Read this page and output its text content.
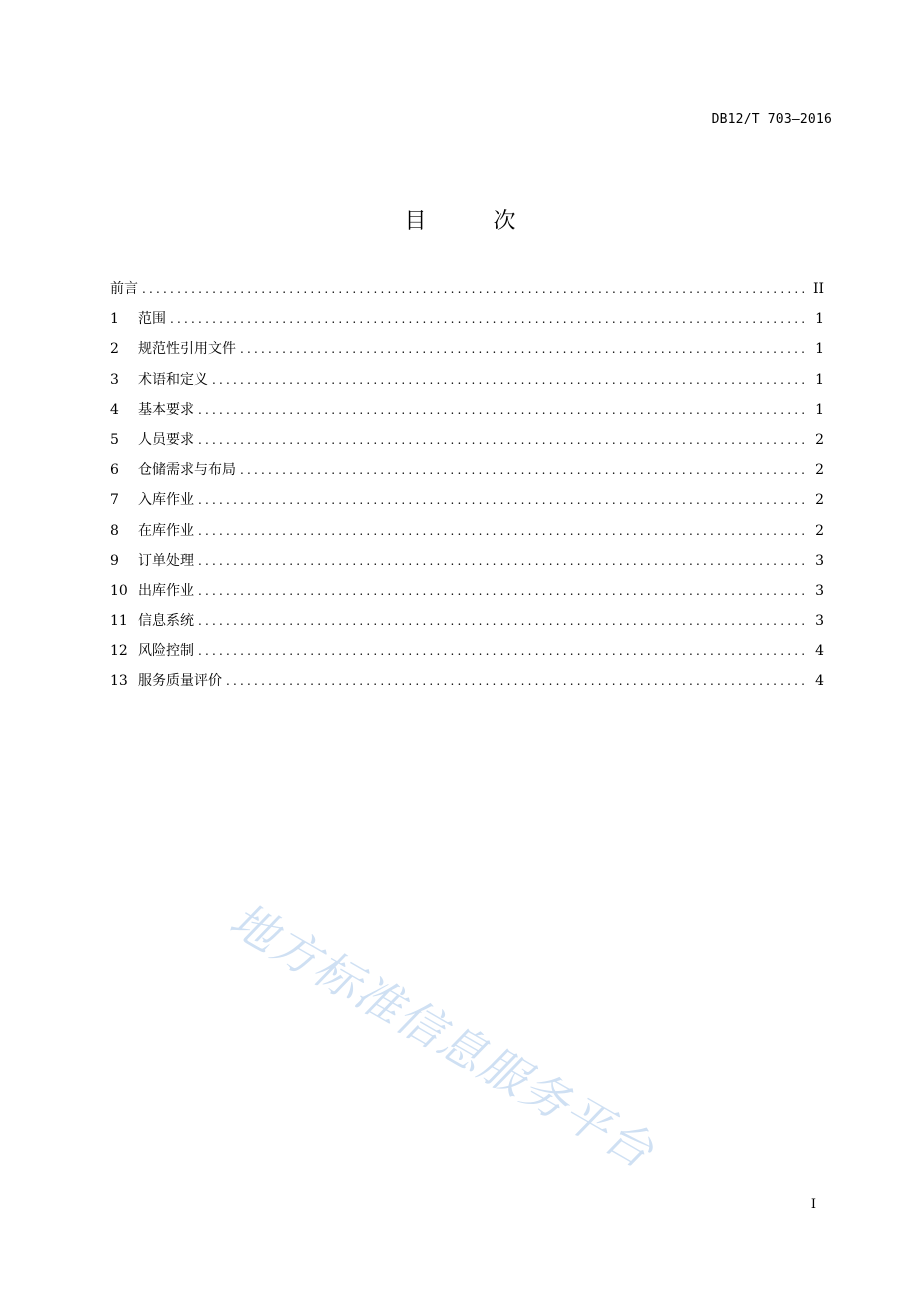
DB12/T 703—2016
目 次
前言 .....	II
1	范围 .....	1
2	规范性引用文件 .....	1
3	术语和定义 .....	1
4	基本要求 .....	1
5	人员要求 .....	2
6	仓储需求与布局 .....	2
7	入库作业 .....	2
8	在库作业 .....	2
9	订单处理 .....	3
10 出库作业 .....	3
11 信息系统 .....	3
12 风险控制 .....	4
13 服务质量评价 .....	4
地方标准信息服务平台
I
